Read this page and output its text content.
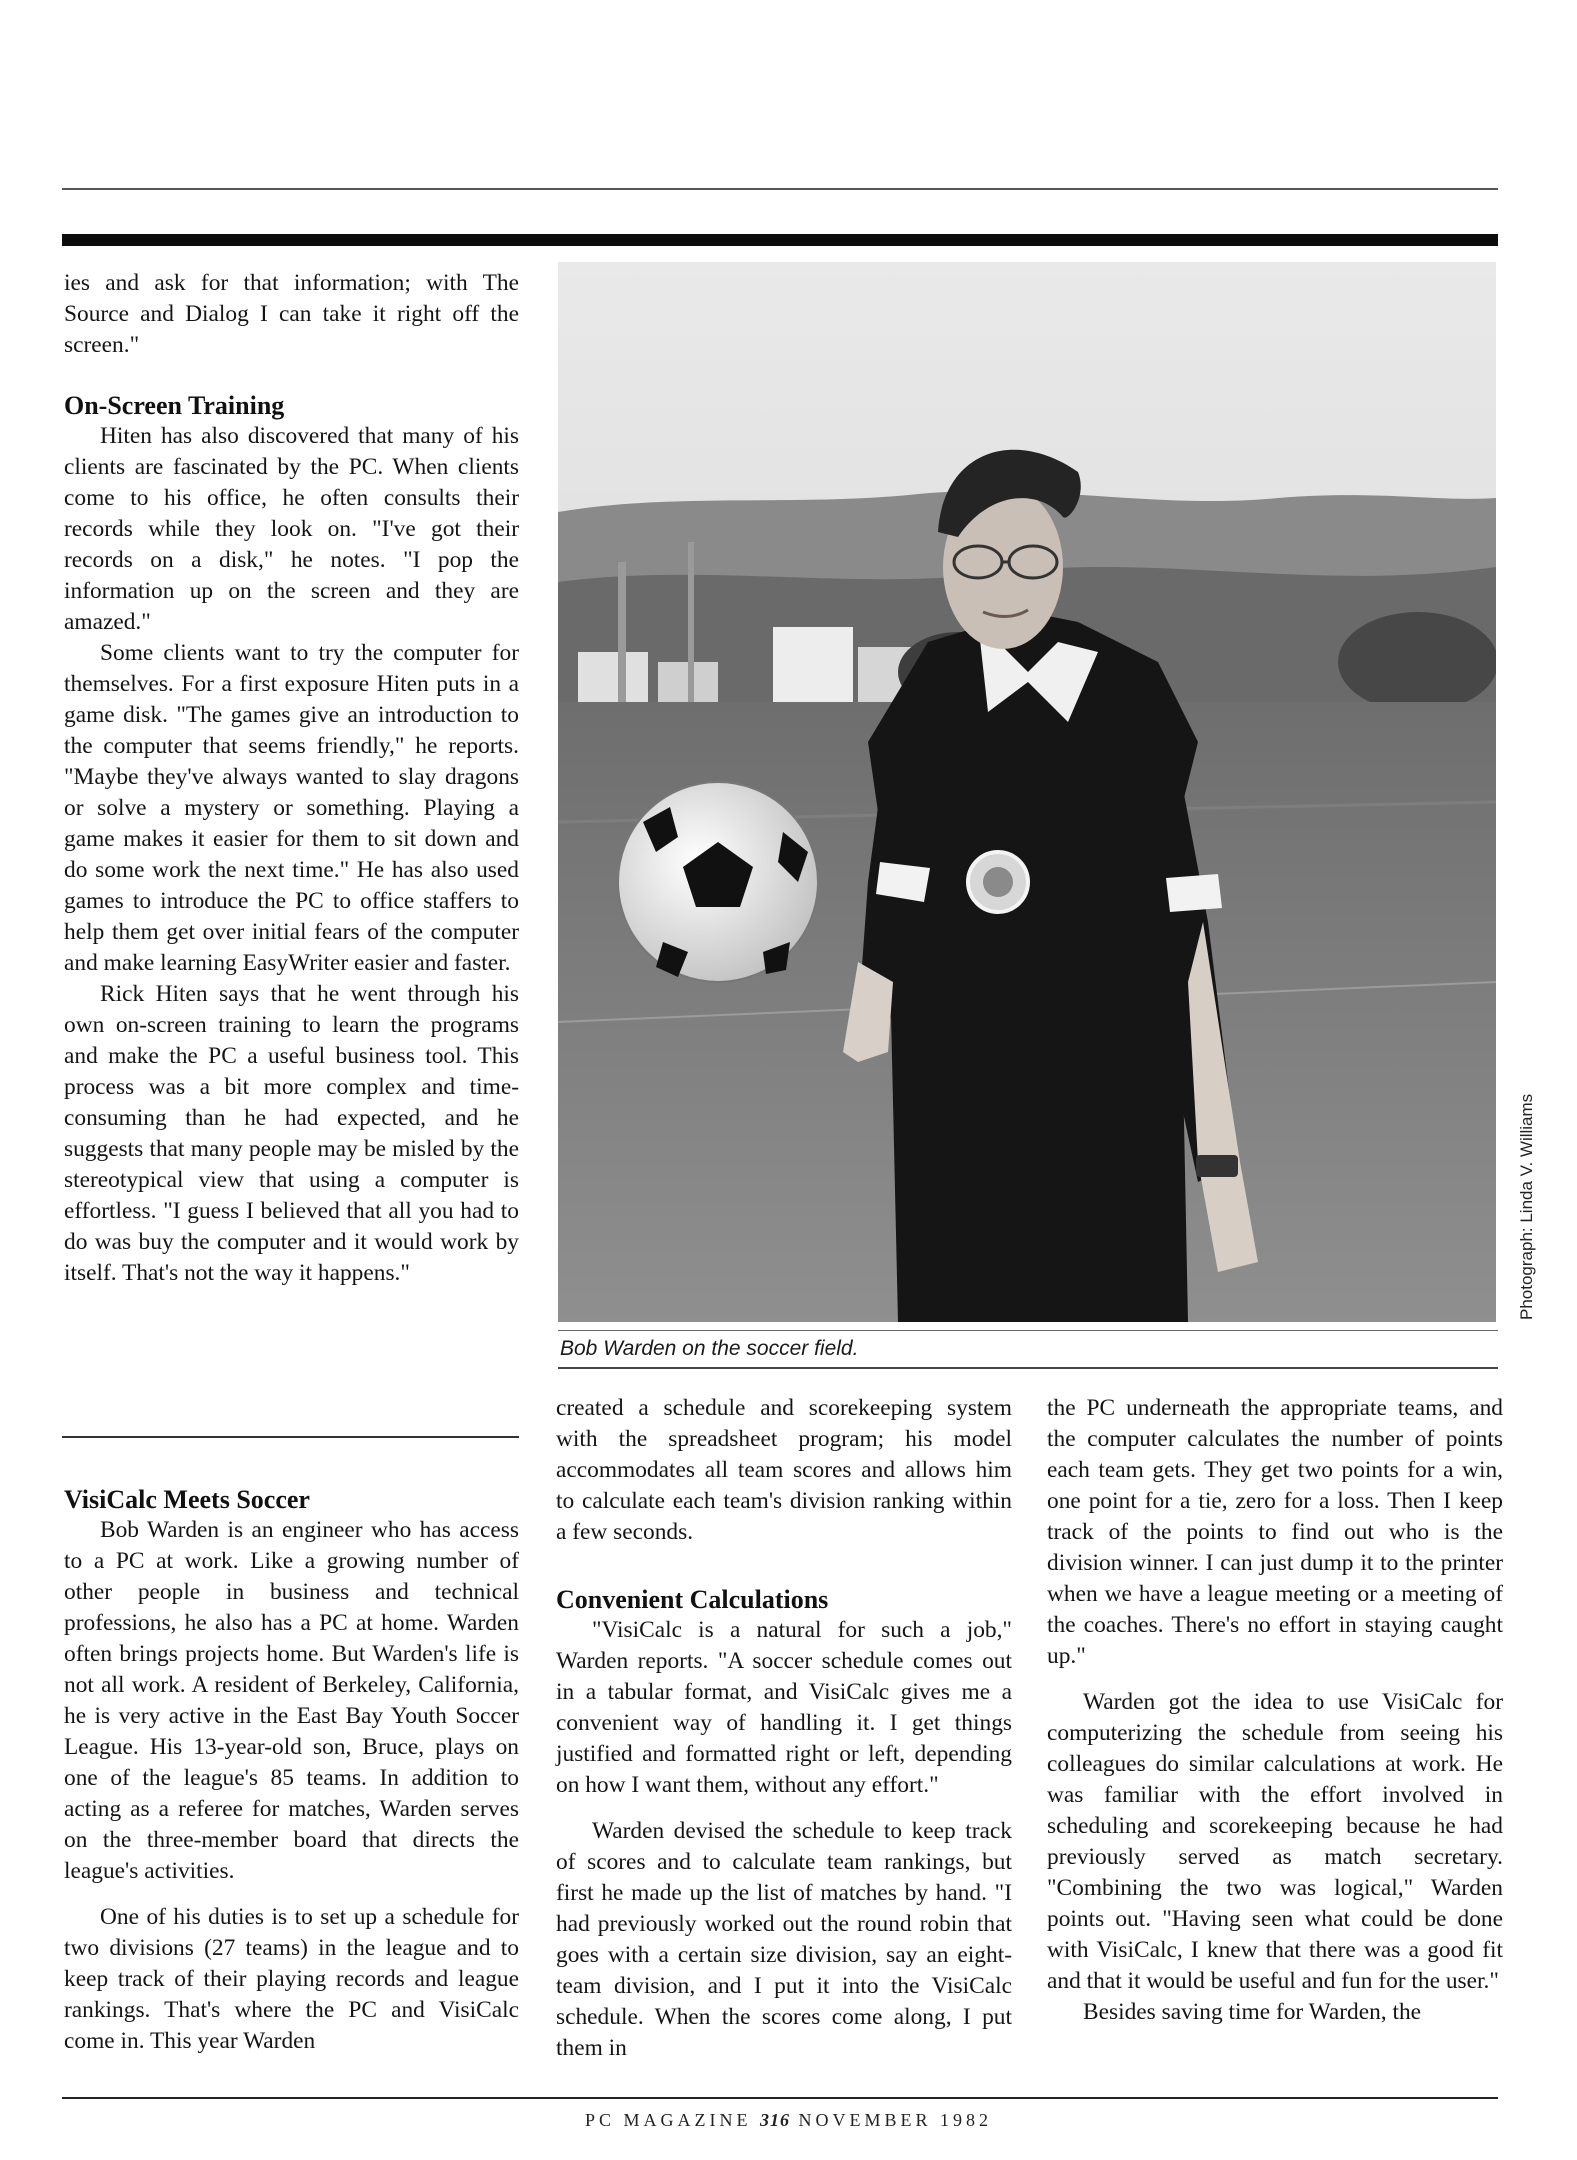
Bob Warden on the soccer field.
Photograph: Linda V. Williams

ies and ask for that information; with The Source and Dialog I can take it right off the screen."

On-Screen Training

Hiten has also discovered that many of his clients are fascinated by the PC. When clients come to his office, he often consults their records while they look on. "I've got their records on a disk," he notes. "I pop the information up on the screen and they are amazed."

Some clients want to try the computer for themselves. For a first exposure Hiten puts in a game disk. "The games give an introduction to the computer that seems friendly," he reports. "Maybe they've always wanted to slay dragons or solve a mystery or something. Playing a game makes it easier for them to sit down and do some work the next time." He has also used games to introduce the PC to office staffers to help them get over initial fears of the computer and make learning EasyWriter easier and faster.

Rick Hiten says that he went through his own on-screen training to learn the programs and make the PC a useful business tool. This process was a bit more complex and time-consuming than he had expected, and he suggests that many people may be misled by the stereotypical view that using a computer is effortless. "I guess I believed that all you had to do was buy the computer and it would work by itself. That's not the way it happens."

VisiCalc Meets Soccer

Bob Warden is an engineer who has access to a PC at work. Like a growing number of other people in business and technical professions, he also has a PC at home. Warden often brings projects home. But Warden's life is not all work. A resident of Berkeley, California, he is very active in the East Bay Youth Soccer League. His 13-year-old son, Bruce, plays on one of the league's 85 teams. In addition to acting as a referee for matches, Warden serves on the three-member board that directs the league's activities.

One of his duties is to set up a schedule for two divisions (27 teams) in the league and to keep track of their playing records and league rankings. That's where the PC and VisiCalc come in. This year Warden

created a schedule and scorekeeping system with the spreadsheet program; his model accommodates all team scores and allows him to calculate each team's division ranking within a few seconds.

Convenient Calculations

"VisiCalc is a natural for such a job," Warden reports. "A soccer schedule comes out in a tabular format, and VisiCalc gives me a convenient way of handling it. I get things justified and formatted right or left, depending on how I want them, without any effort."

Warden devised the schedule to keep track of scores and to calculate team rankings, but first he made up the list of matches by hand. "I had previously worked out the round robin that goes with a certain size division, say an eight-team division, and I put it into the VisiCalc schedule. When the scores come along, I put them in

the PC underneath the appropriate teams, and the computer calculates the number of points each team gets. They get two points for a win, one point for a tie, zero for a loss. Then I keep track of the points to find out who is the division winner. I can just dump it to the printer when we have a league meeting or a meeting of the coaches. There's no effort in staying caught up."

Warden got the idea to use VisiCalc for computerizing the schedule from seeing his colleagues do similar calculations at work. He was familiar with the effort involved in scheduling and scorekeeping because he had previously served as match secretary. "Combining the two was logical," Warden points out. "Having seen what could be done with VisiCalc, I knew that there was a good fit and that it would be useful and fun for the user."

Besides saving time for Warden, the

PC MAGAZINE 316 NOVEMBER 1982
